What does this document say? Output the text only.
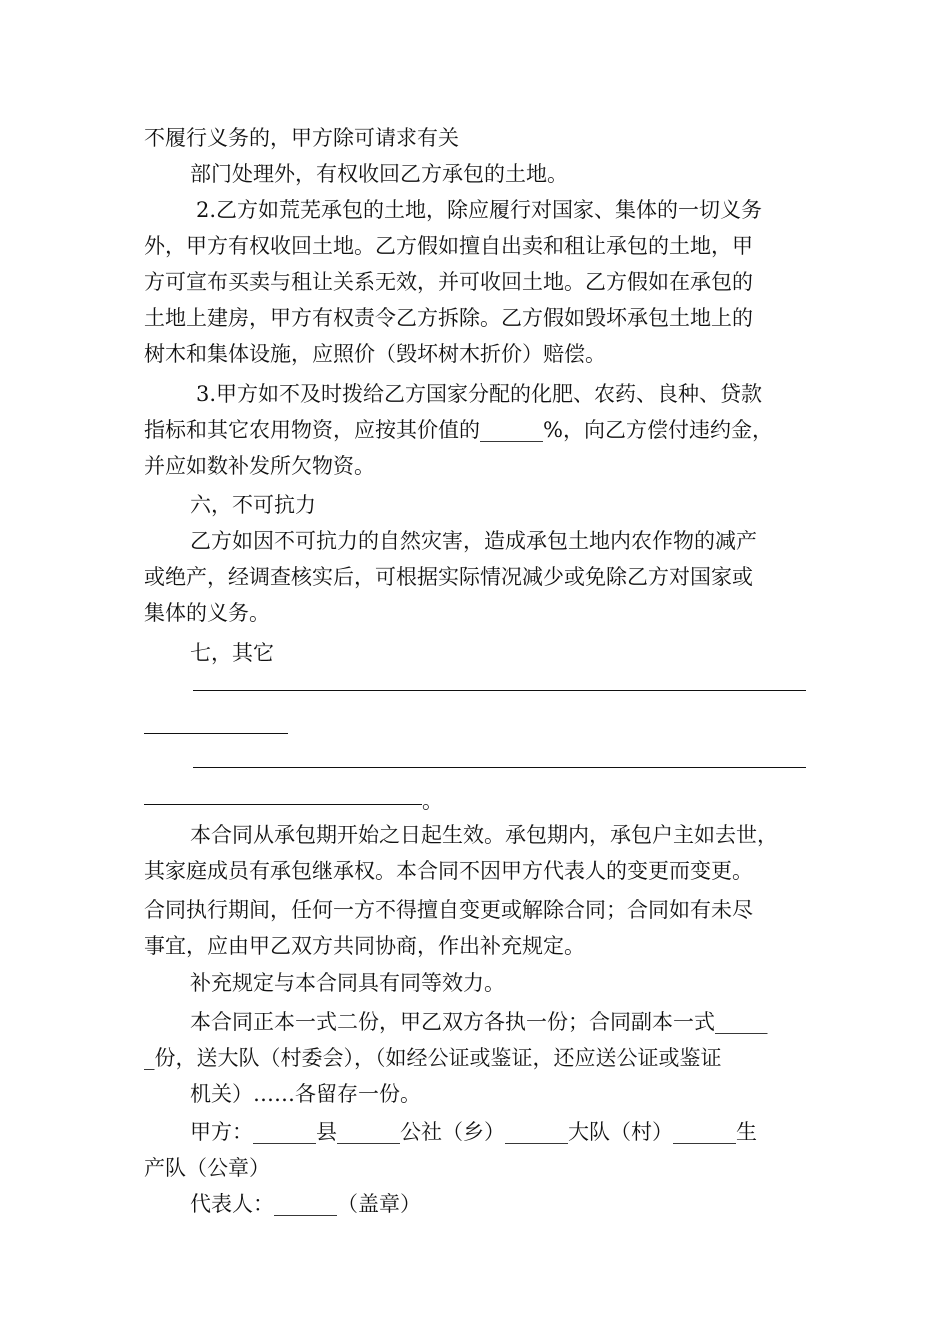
不履行义务的，甲方除可请求有关
部门处理外，有权收回乙方承包的土地。
2.乙方如荒芜承包的土地，除应履行对国家、集体的一切义务
外，甲方有权收回土地。乙方假如擅自出卖和租让承包的土地，甲
方可宣布买卖与租让关系无效，并可收回土地。乙方假如在承包的
土地上建房，甲方有权责令乙方拆除。乙方假如毁坏承包土地上的
树木和集体设施，应照价（毁坏树木折价）赔偿。
3.甲方如不及时拨给乙方国家分配的化肥、农药、良种、贷款
指标和其它农用物资，应按其价值的______%，向乙方偿付违约金，
并应如数补发所欠物资。
六，不可抗力
乙方如因不可抗力的自然灾害，造成承包土地内农作物的减产
或绝产，经调查核实后，可根据实际情况减少或免除乙方对国家或
集体的义务。
七，其它
。
本合同从承包期开始之日起生效。承包期内，承包户主如去世，
其家庭成员有承包继承权。本合同不因甲方代表人的变更而变更。
合同执行期间，任何一方不得擅自变更或解除合同；合同如有未尽
事宜，应由甲乙双方共同协商，作出补充规定。
补充规定与本合同具有同等效力。
本合同正本一式二份，甲乙双方各执一份；合同副本一式_____
_份，送大队（村委会），（如经公证或鉴证，还应送公证或鉴证
机关）……各留存一份。
甲方：______县______公社（乡）______大队（村）______生
产队（公章）
代表人：______（盖章）
